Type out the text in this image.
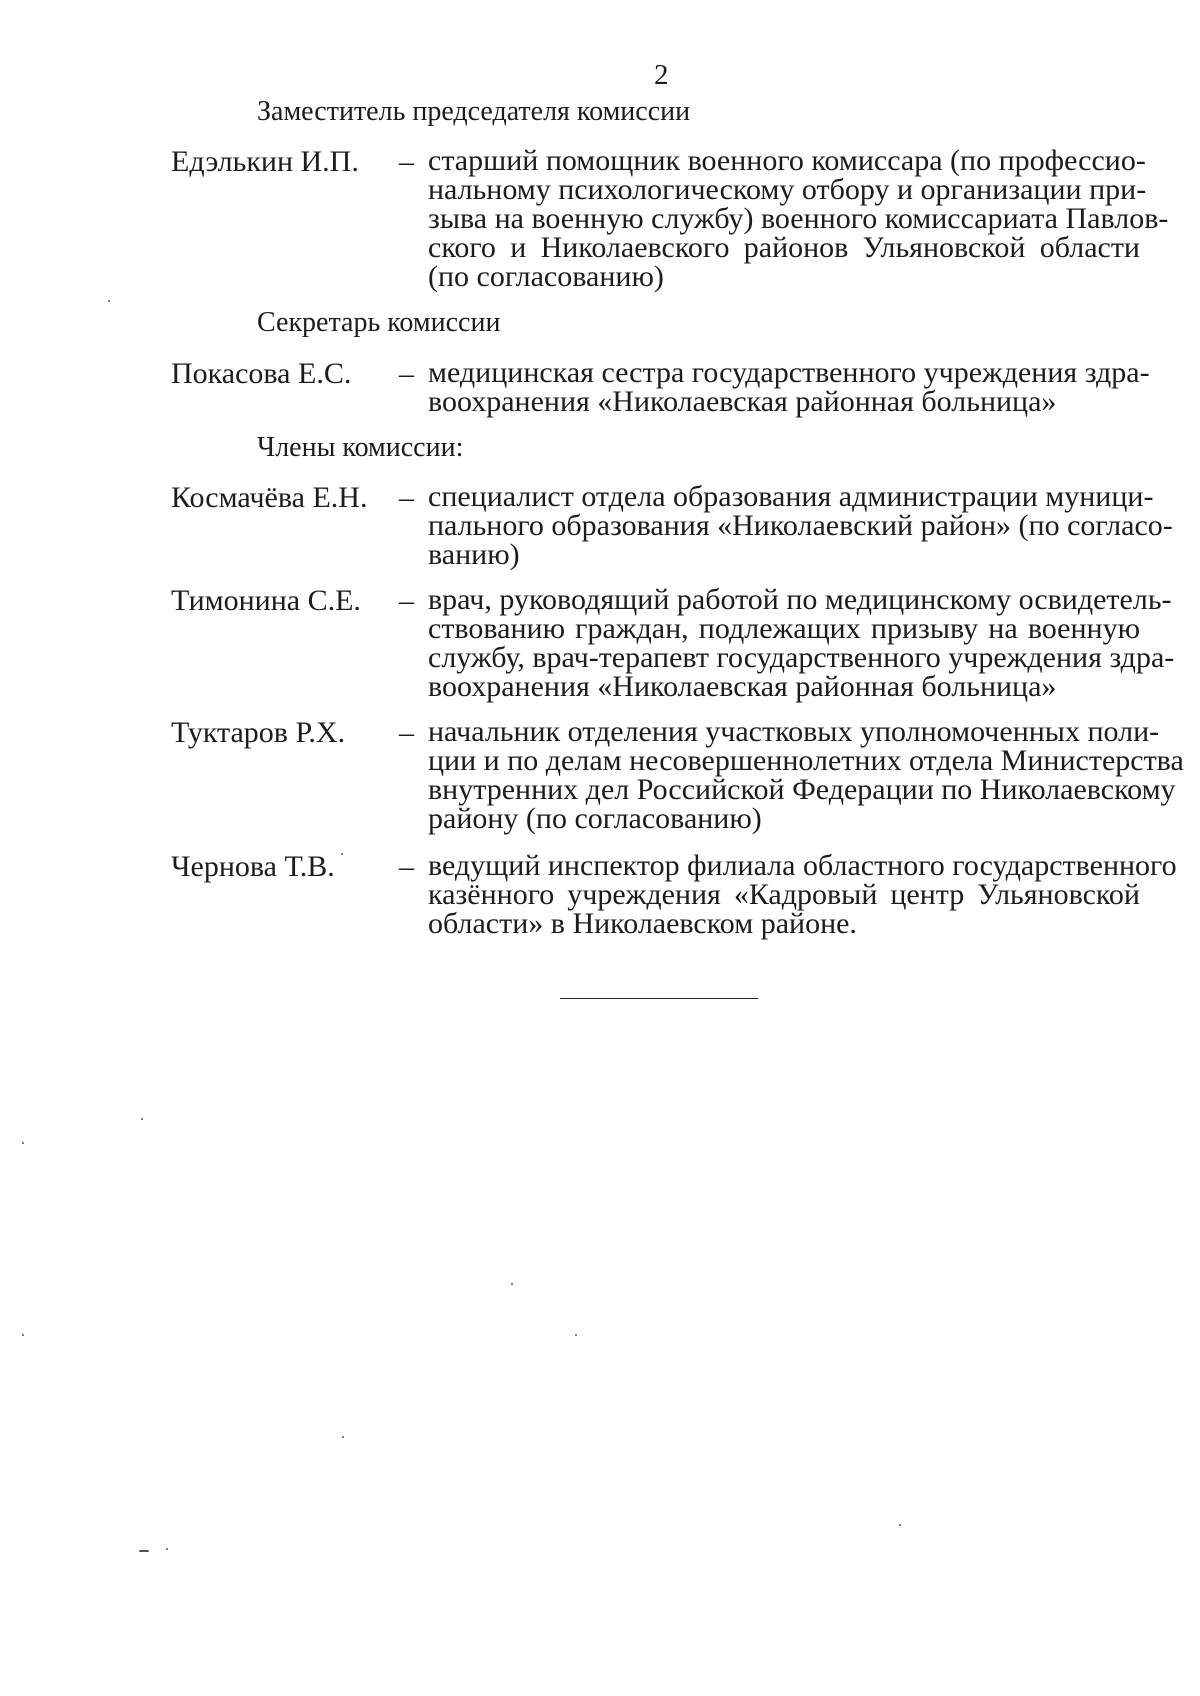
2
Заместитель председателя комиссии
Едэлькин И.П. – старший помощник военного комиссара (по профессио-
нальному психологическому отбору и организации при-
зыва на военную службу) военного комиссариата Павлов-
ского и Николаевского районов Ульяновской области
(по согласованию)
Секретарь комиссии
Покасова Е.С. – медицинская сестра государственного учреждения здра-
воохранения «Николаевская районная больница»
Члены комиссии:
Космачёва Е.Н. – специалист отдела образования администрации муници-
пального образования «Николаевский район» (по согласо-
ванию)
Тимонина С.Е. – врач, руководящий работой по медицинскому освидетель-
ствованию граждан, подлежащих призыву на военную
службу, врач-терапевт государственного учреждения здра-
воохранения «Николаевская районная больница»
Туктаров Р.Х. – начальник отделения участковых уполномоченных поли-
ции и по делам несовершеннолетних отдела Министерства
внутренних дел Российской Федерации по Николаевскому
району (по согласованию)
Чернова Т.В. – ведущий инспектор филиала областного государственного
казённого учреждения «Кадровый центр Ульяновской
области» в Николаевском районе.
